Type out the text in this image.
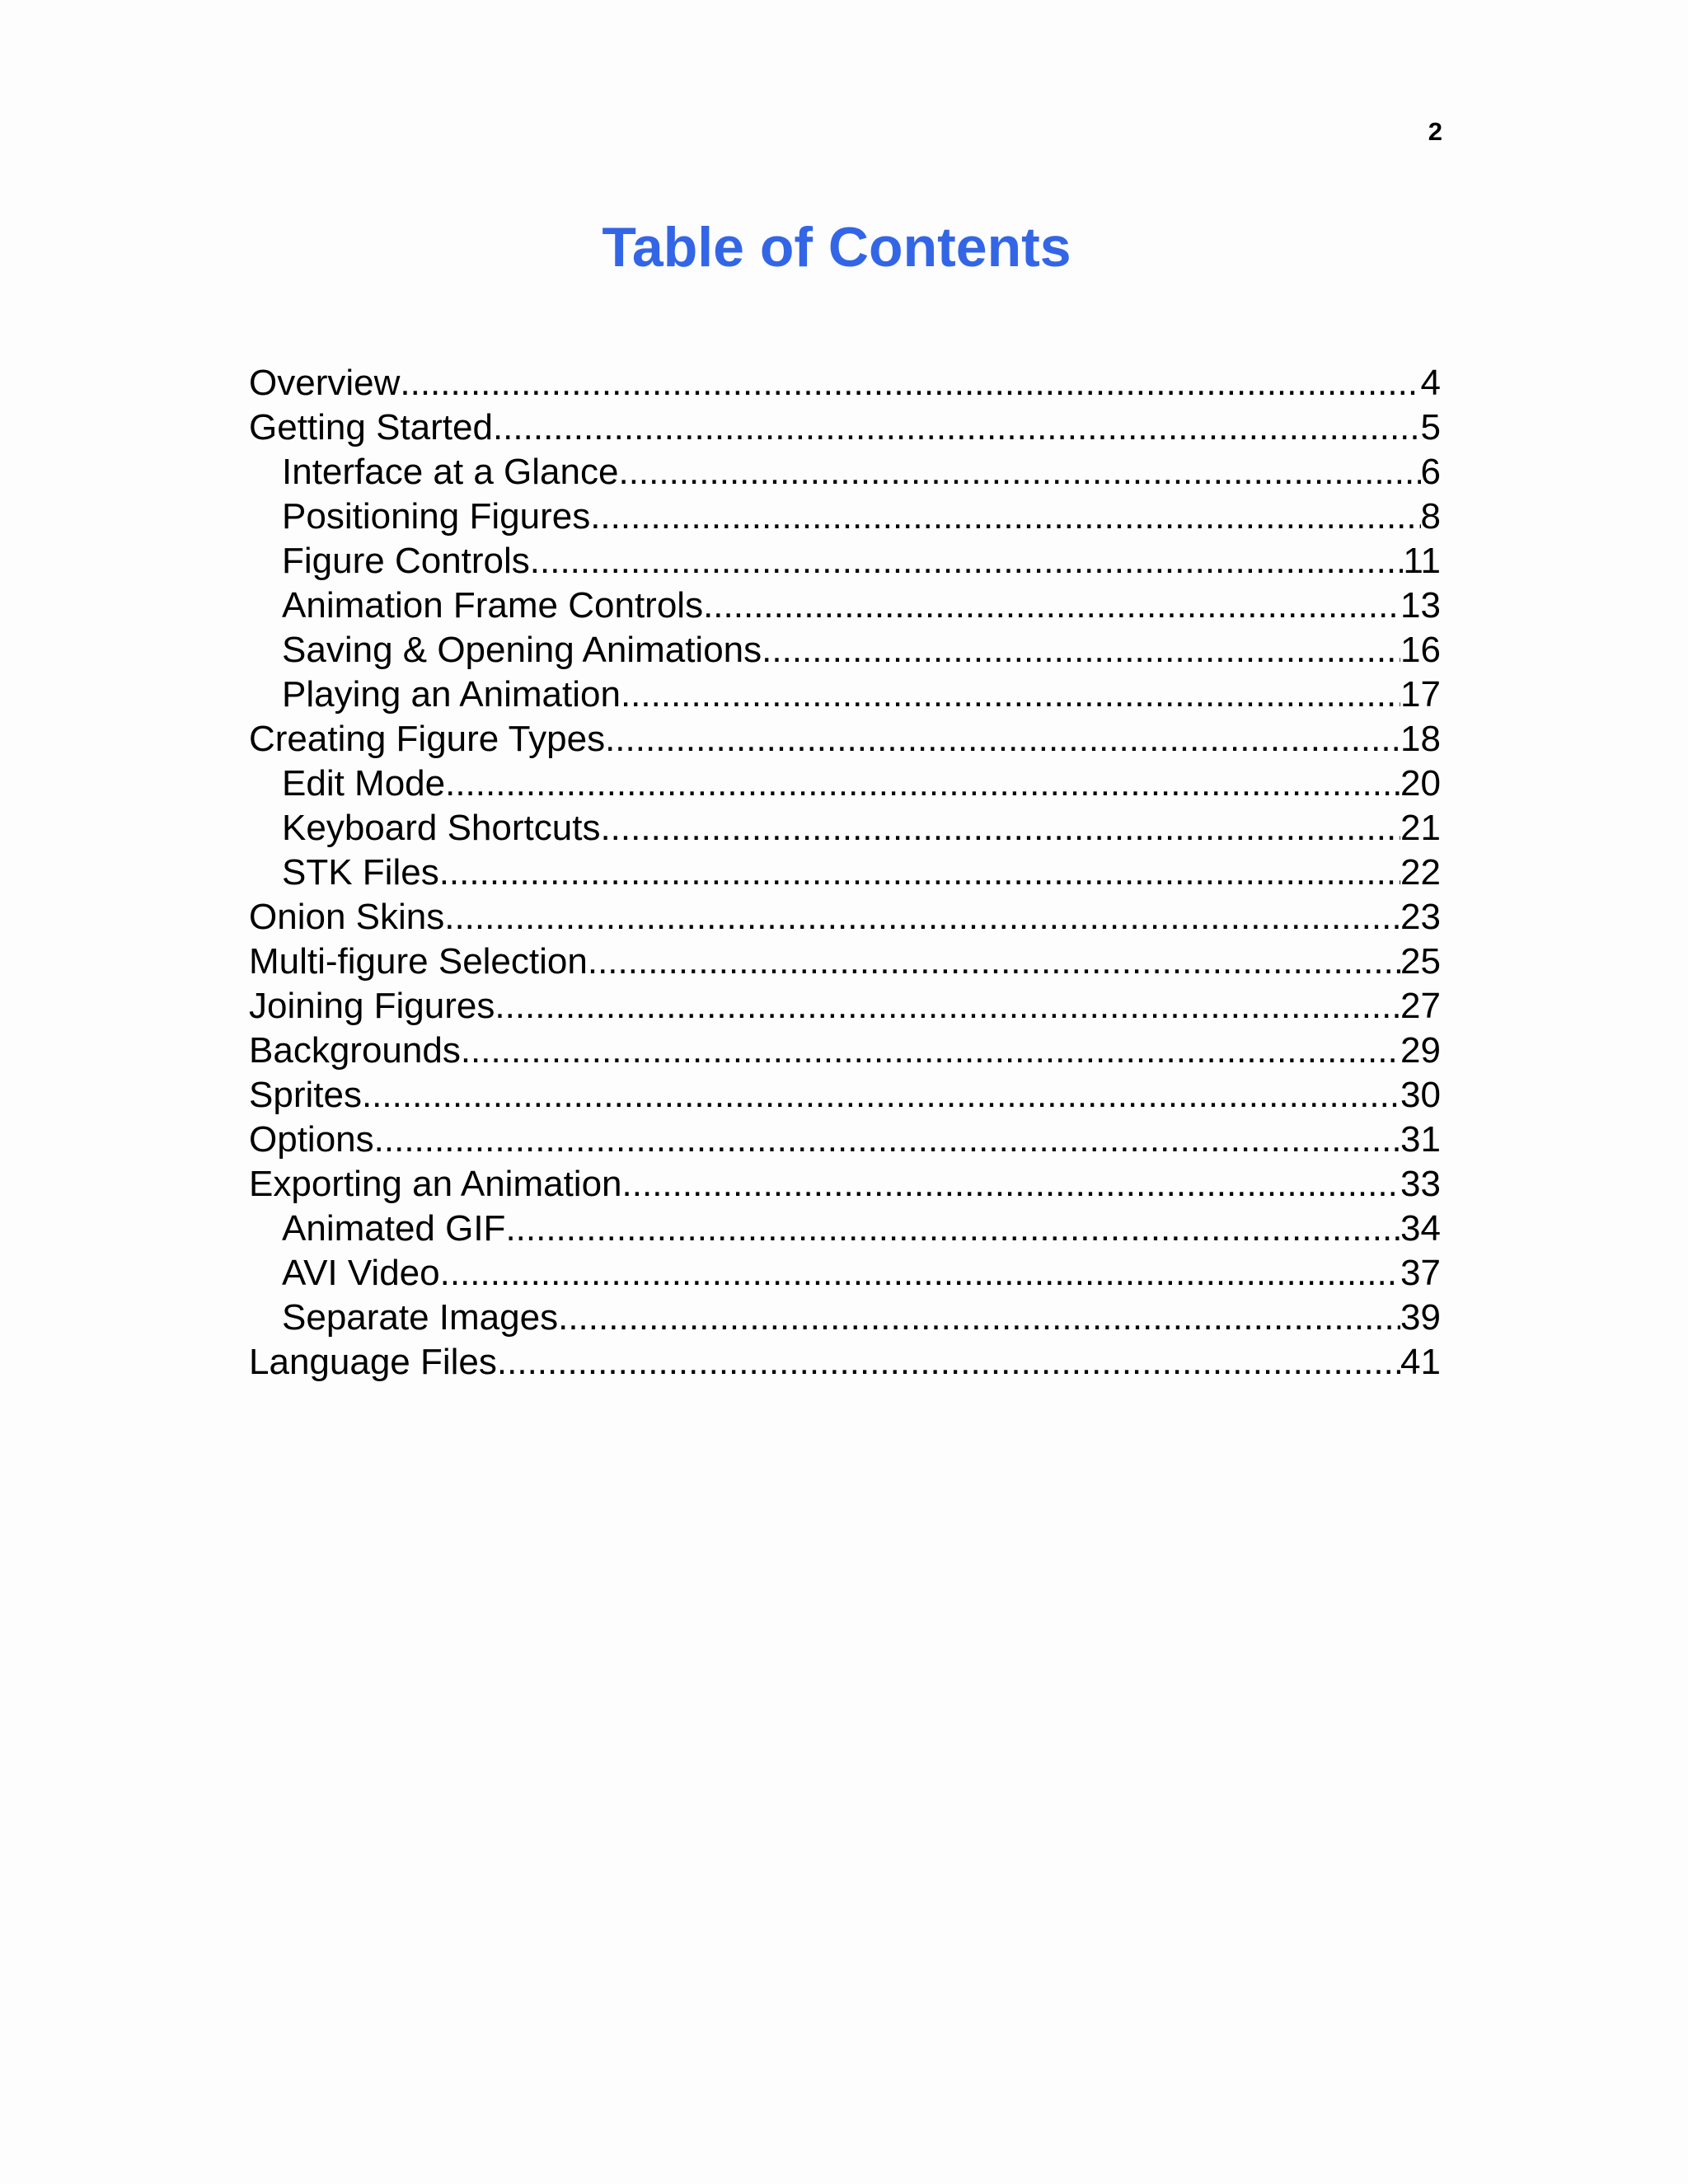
2
Table of Contents
Overview .....	4
Getting Started .....	5
Interface at a Glance .....	6
Positioning Figures .....	8
Figure Controls .....	11
Animation Frame Controls .....	13
Saving & Opening Animations .....	16
Playing an Animation .....	17
Creating Figure Types .....	18
Edit Mode .....	20
Keyboard Shortcuts .....	21
STK Files .....	22
Onion Skins .....	23
Multi-figure Selection .....	25
Joining Figures .....	27
Backgrounds .....	29
Sprites .....	30
Options .....	31
Exporting an Animation .....	33
Animated GIF .....	34
AVI Video .....	37
Separate Images .....	39
Language Files .....	41
